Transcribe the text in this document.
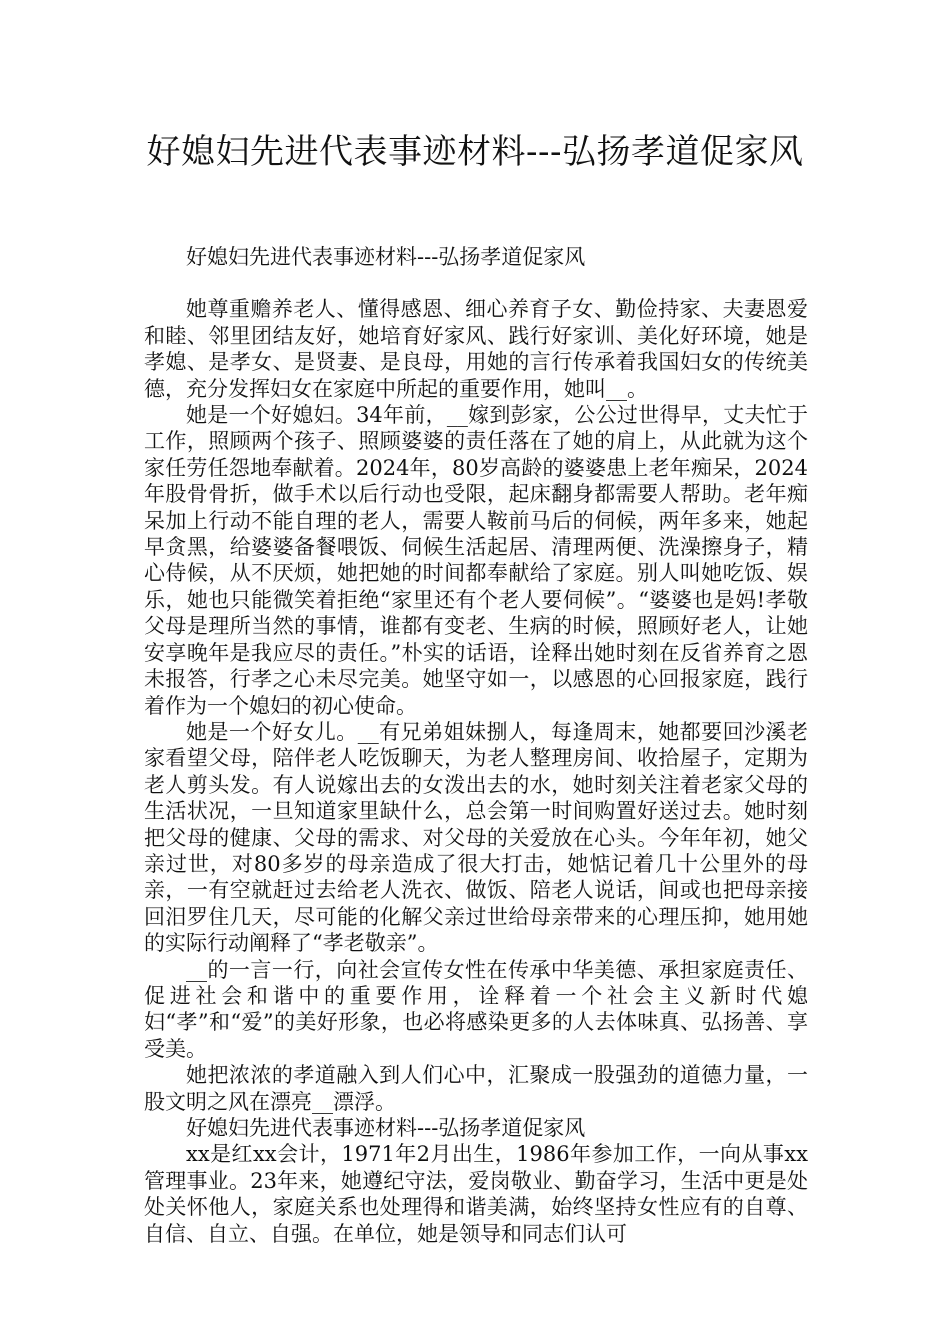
好媳妇先进代表事迹材料---弘扬孝道促家风

好媳妇先进代表事迹材料---弘扬孝道促家风

她尊重赡养老人、懂得感恩、细心养育子女、勤俭持家、夫妻恩爱和睦、邻里团结友好，她培育好家风、践行好家训、美化好环境，她是孝媳、是孝女、是贤妻、是良母，用她的言行传承着我国妇女的传统美德，充分发挥妇女在家庭中所起的重要作用，她叫__。

她是一个好媳妇。34年前，__嫁到彭家，公公过世得早，丈夫忙于工作，照顾两个孩子、照顾婆婆的责任落在了她的肩上，从此就为这个家任劳任怨地奉献着。2024年，80岁高龄的婆婆患上老年痴呆，2024年股骨骨折，做手术以后行动也受限，起床翻身都需要人帮助。老年痴呆加上行动不能自理的老人，需要人鞍前马后的伺候，两年多来，她起早贪黑，给婆婆备餐喂饭、伺候生活起居、清理两便、洗澡擦身子，精心侍候，从不厌烦，她把她的时间都奉献给了家庭。别人叫她吃饭、娱乐，她也只能微笑着拒绝“家里还有个老人要伺候”。“婆婆也是妈!孝敬父母是理所当然的事情，谁都有变老、生病的时候，照顾好老人，让她安享晚年是我应尽的责任。”朴实的话语，诠释出她时刻在反省养育之恩未报答，行孝之心未尽完美。她坚守如一，以感恩的心回报家庭，践行着作为一个媳妇的初心使命。

她是一个好女儿。__有兄弟姐妹捌人，每逢周末，她都要回沙溪老家看望父母，陪伴老人吃饭聊天，为老人整理房间、收拾屋子，定期为老人剪头发。有人说嫁出去的女泼出去的水，她时刻关注着老家父母的生活状况，一旦知道家里缺什么，总会第一时间购置好送过去。她时刻把父母的健康、父母的需求、对父母的关爱放在心头。今年年初，她父亲过世，对80多岁的母亲造成了很大打击，她惦记着几十公里外的母亲，一有空就赶过去给老人洗衣、做饭、陪老人说话，间或也把母亲接回汨罗住几天，尽可能的化解父亲过世给母亲带来的心理压抑，她用她的实际行动阐释了“孝老敬亲”。

__的一言一行，向社会宣传女性在传承中华美德、承担家庭责任、促进社会和谐中的重要作用，诠释着一个社会主义新时代媳妇“孝”和“爱”的美好形象，也必将感染更多的人去体味真、弘扬善、享受美。

她把浓浓的孝道融入到人们心中，汇聚成一股强劲的道德力量，一股文明之风在漂亮__漂浮。

好媳妇先进代表事迹材料---弘扬孝道促家风

xx是红xx会计，1971年2月出生，1986年参加工作，一向从事xx管理事业。23年来，她遵纪守法，爱岗敬业、勤奋学习，生活中更是处处关怀他人，家庭关系也处理得和谐美满，始终坚持女性应有的自尊、自信、自立、自强。在单位，她是领导和同志们认可
